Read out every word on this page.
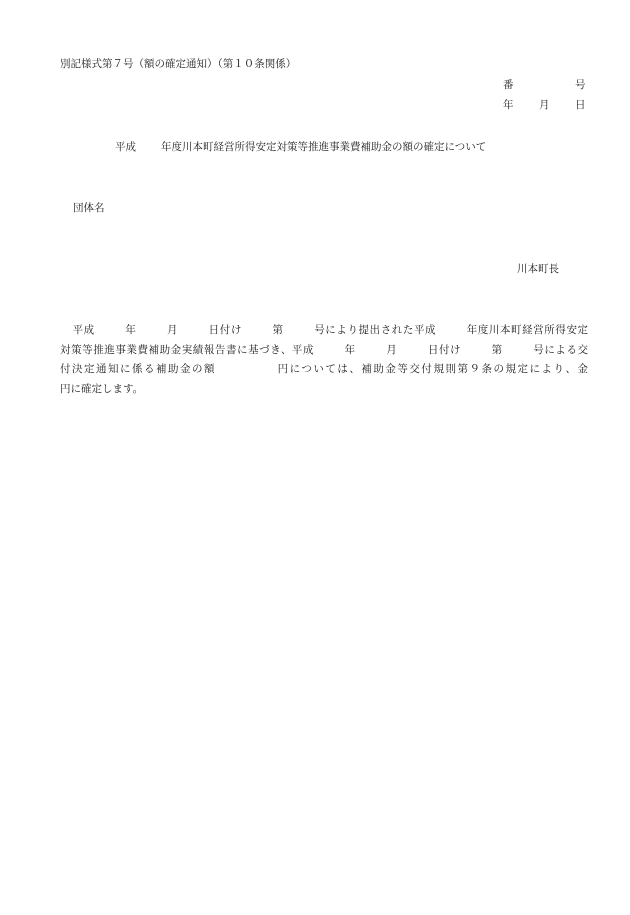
別記様式第７号（額の確定通知）（第１０条関係）
番	号
年 月 日
平成 年度川本町経営所得安定対策等推進事業費補助金の額の確定について
団体名
川本町長
平成	年	月	日付け	第	号により提出された平成	年度川本町経営所得安定
対策等推進事業費補助金実績報告書に基づき、平成	年	月	日付け	第	号による交
付決定通知に係る補助金の額	円については、補助金等交付規則第９条の規定により、金
円に確定します。
